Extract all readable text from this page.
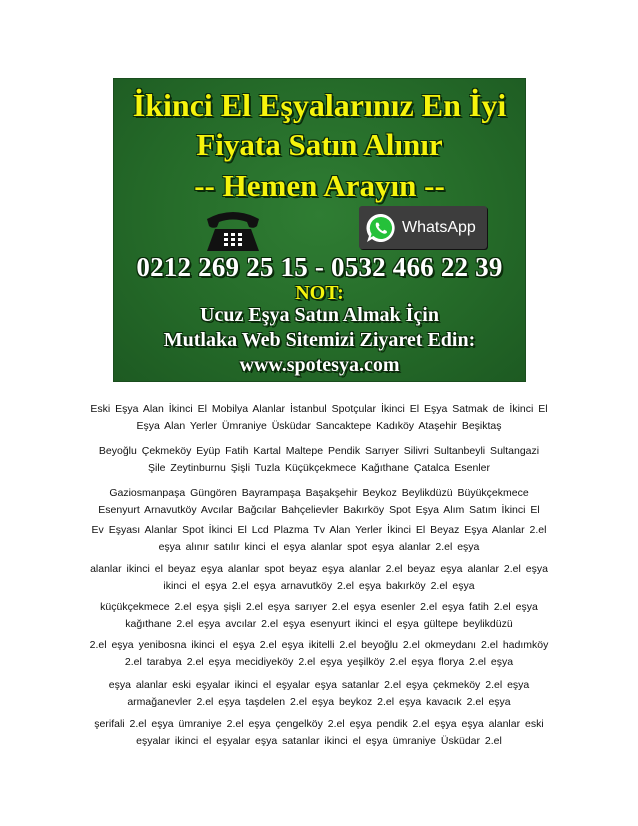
İkinci El Eşyalarınız En İyi
Fiyata Satın Alınır
-- Hemen Arayın --
WhatsApp
0212 269 25 15 - 0532 466 22 39
NOT:
Ucuz Eşya Satın Almak İçin
Mutlaka Web Sitemizi Ziyaret Edin:
www.spotesya.com
Eski Eşya Alan İkinci El Mobilya Alanlar İstanbul Spotçular İkinci El Eşya Satmak de İkinci El Eşya Alan Yerler Ümraniye Üsküdar Sancaktepe Kadıköy Ataşehir Beşiktaş
Beyoğlu Çekmeköy Eyüp Fatih Kartal Maltepe Pendik Sarıyer Silivri Sultanbeyli Sultangazi Şile Zeytinburnu Şişli Tuzla Küçükçekmece Kağıthane Çatalca Esenler
Gaziosmanpaşa Güngören Bayrampaşa Başakşehir Beykoz Beylikdüzü Büyükçekmece Esenyurt Arnavutköy Avcılar Bağcılar Bahçelievler Bakırköy Spot Eşya Alım Satım İkinci El
Ev Eşyası Alanlar Spot İkinci El Lcd Plazma Tv Alan Yerler İkinci El Beyaz Eşya Alanlar 2.el eşya alınır satılır kinci el eşya alanlar spot eşya alanlar 2.el eşya
alanlar ikinci el beyaz eşya alanlar spot beyaz eşya alanlar 2.el beyaz eşya alanlar 2.el eşya ikinci el eşya 2.el eşya arnavutköy 2.el eşya bakırköy 2.el eşya
küçükçekmece 2.el eşya şişli 2.el eşya sarıyer 2.el eşya esenler 2.el eşya fatih 2.el eşya kağıthane 2.el eşya avcılar 2.el eşya esenyurt ikinci el eşya gültepe beylikdüzü
2.el eşya yenibosna ikinci el eşya 2.el eşya ikitelli 2.el beyoğlu 2.el okmeydanı 2.el hadımköy 2.el tarabya 2.el eşya mecidiyeköy 2.el eşya yeşilköy 2.el eşya florya 2.el eşya
eşya alanlar eski eşyalar ikinci el eşyalar eşya satanlar 2.el eşya çekmeköy 2.el eşya armağanevler 2.el eşya taşdelen 2.el eşya beykoz 2.el eşya kavacık 2.el eşya
şerifali 2.el eşya ümraniye 2.el eşya çengelköy 2.el eşya pendik 2.el eşya eşya alanlar eski eşyalar ikinci el eşyalar eşya satanlar ikinci el eşya ümraniye Üsküdar 2.el
